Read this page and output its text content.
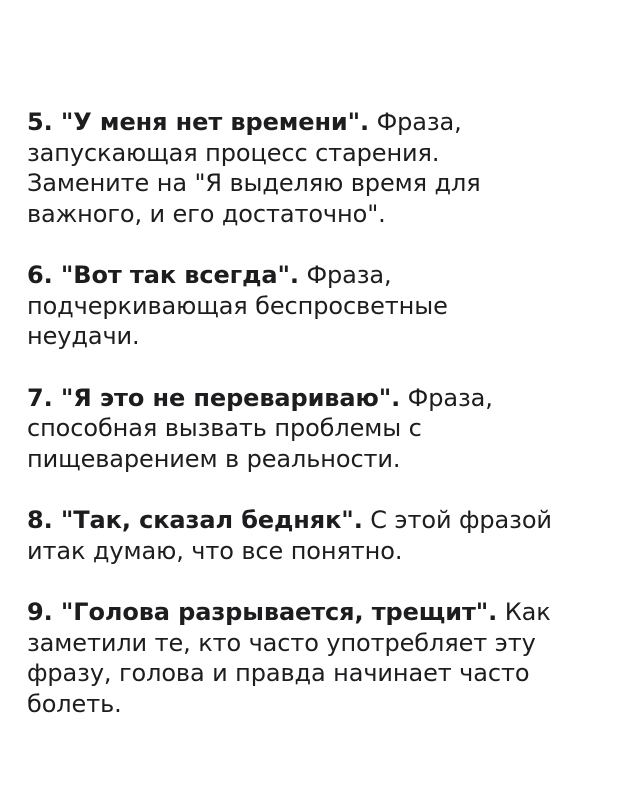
5. "У меня нет времени". Фраза,
запускающая процесс старения.
Замените на "Я выделяю время для
важного, и его достаточно".

6. "Вот так всегда". Фраза,
подчеркивающая беспросветные
неудачи.

7. "Я это не перевариваю". Фраза,
способная вызвать проблемы с
пищеварением в реальности.

8. "Так, сказал бедняк". С этой фразой
итак думаю, что все понятно.

9. "Голова разрывается, трещит". Как
заметили те, кто часто употребляет эту
фразу, голова и правда начинает часто
болеть.
